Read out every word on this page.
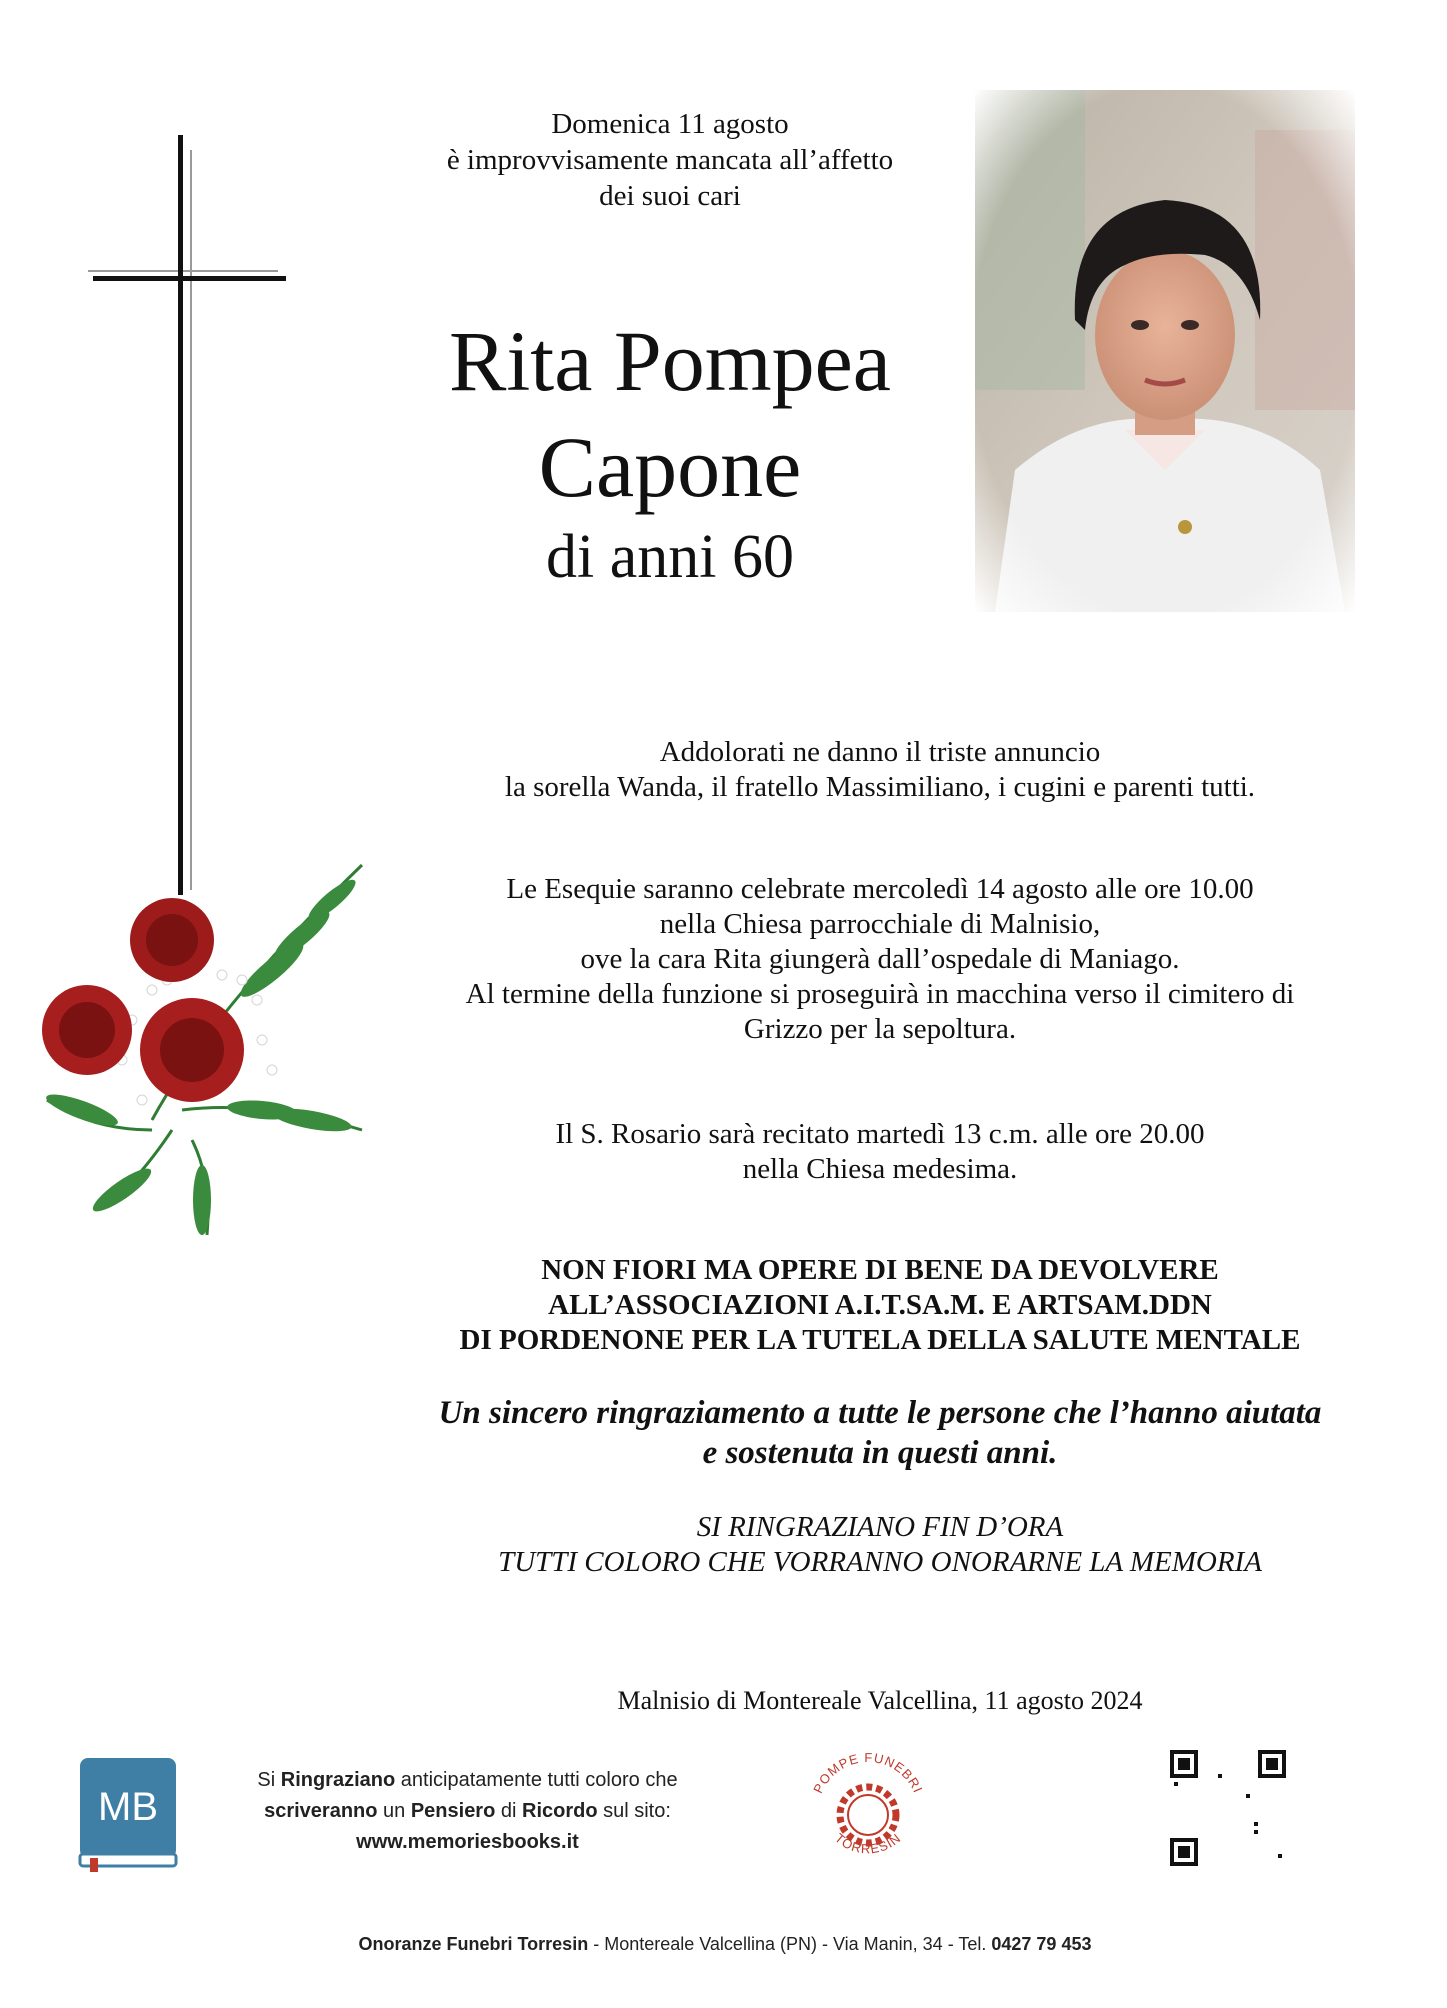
Domenica 11 agosto
è improvvisamente mancata all’affetto
dei suoi cari
Rita Pompea
Capone
di anni 60
Addolorati ne danno il triste annuncio
la sorella Wanda, il fratello Massimiliano, i cugini e parenti tutti.
Le Esequie saranno celebrate mercoledì 14 agosto alle ore 10.00
nella Chiesa parrocchiale di Malnisio,
ove la cara Rita giungerà dall’ospedale di Maniago.
Al termine della funzione si proseguirà in macchina verso il cimitero di
Grizzo per la sepoltura.
Il S. Rosario sarà recitato martedì 13 c.m. alle ore 20.00
nella Chiesa medesima.
NON FIORI MA OPERE DI BENE DA DEVOLVERE
ALL’ASSOCIAZIONI A.I.T.SA.M. E ARTSAM.DDN
DI PORDENONE PER LA TUTELA DELLA SALUTE MENTALE
Un sincero ringraziamento a tutte le persone che l’hanno aiutata
e sostenuta in questi anni.
SI RINGRAZIANO FIN D’ORA
TUTTI COLORO CHE VORRANNO ONORARNE LA MEMORIA
Malnisio di Montereale Valcellina, 11 agosto 2024
MB
Si Ringraziano anticipatamente tutti coloro che
scriveranno un Pensiero di Ricordo sul sito:
www.memoriesbooks.it
POMPE FUNEBRI
TORRESIN
Onoranze Funebri Torresin - Montereale Valcellina (PN) - Via Manin, 34 - Tel. 0427 79 453
